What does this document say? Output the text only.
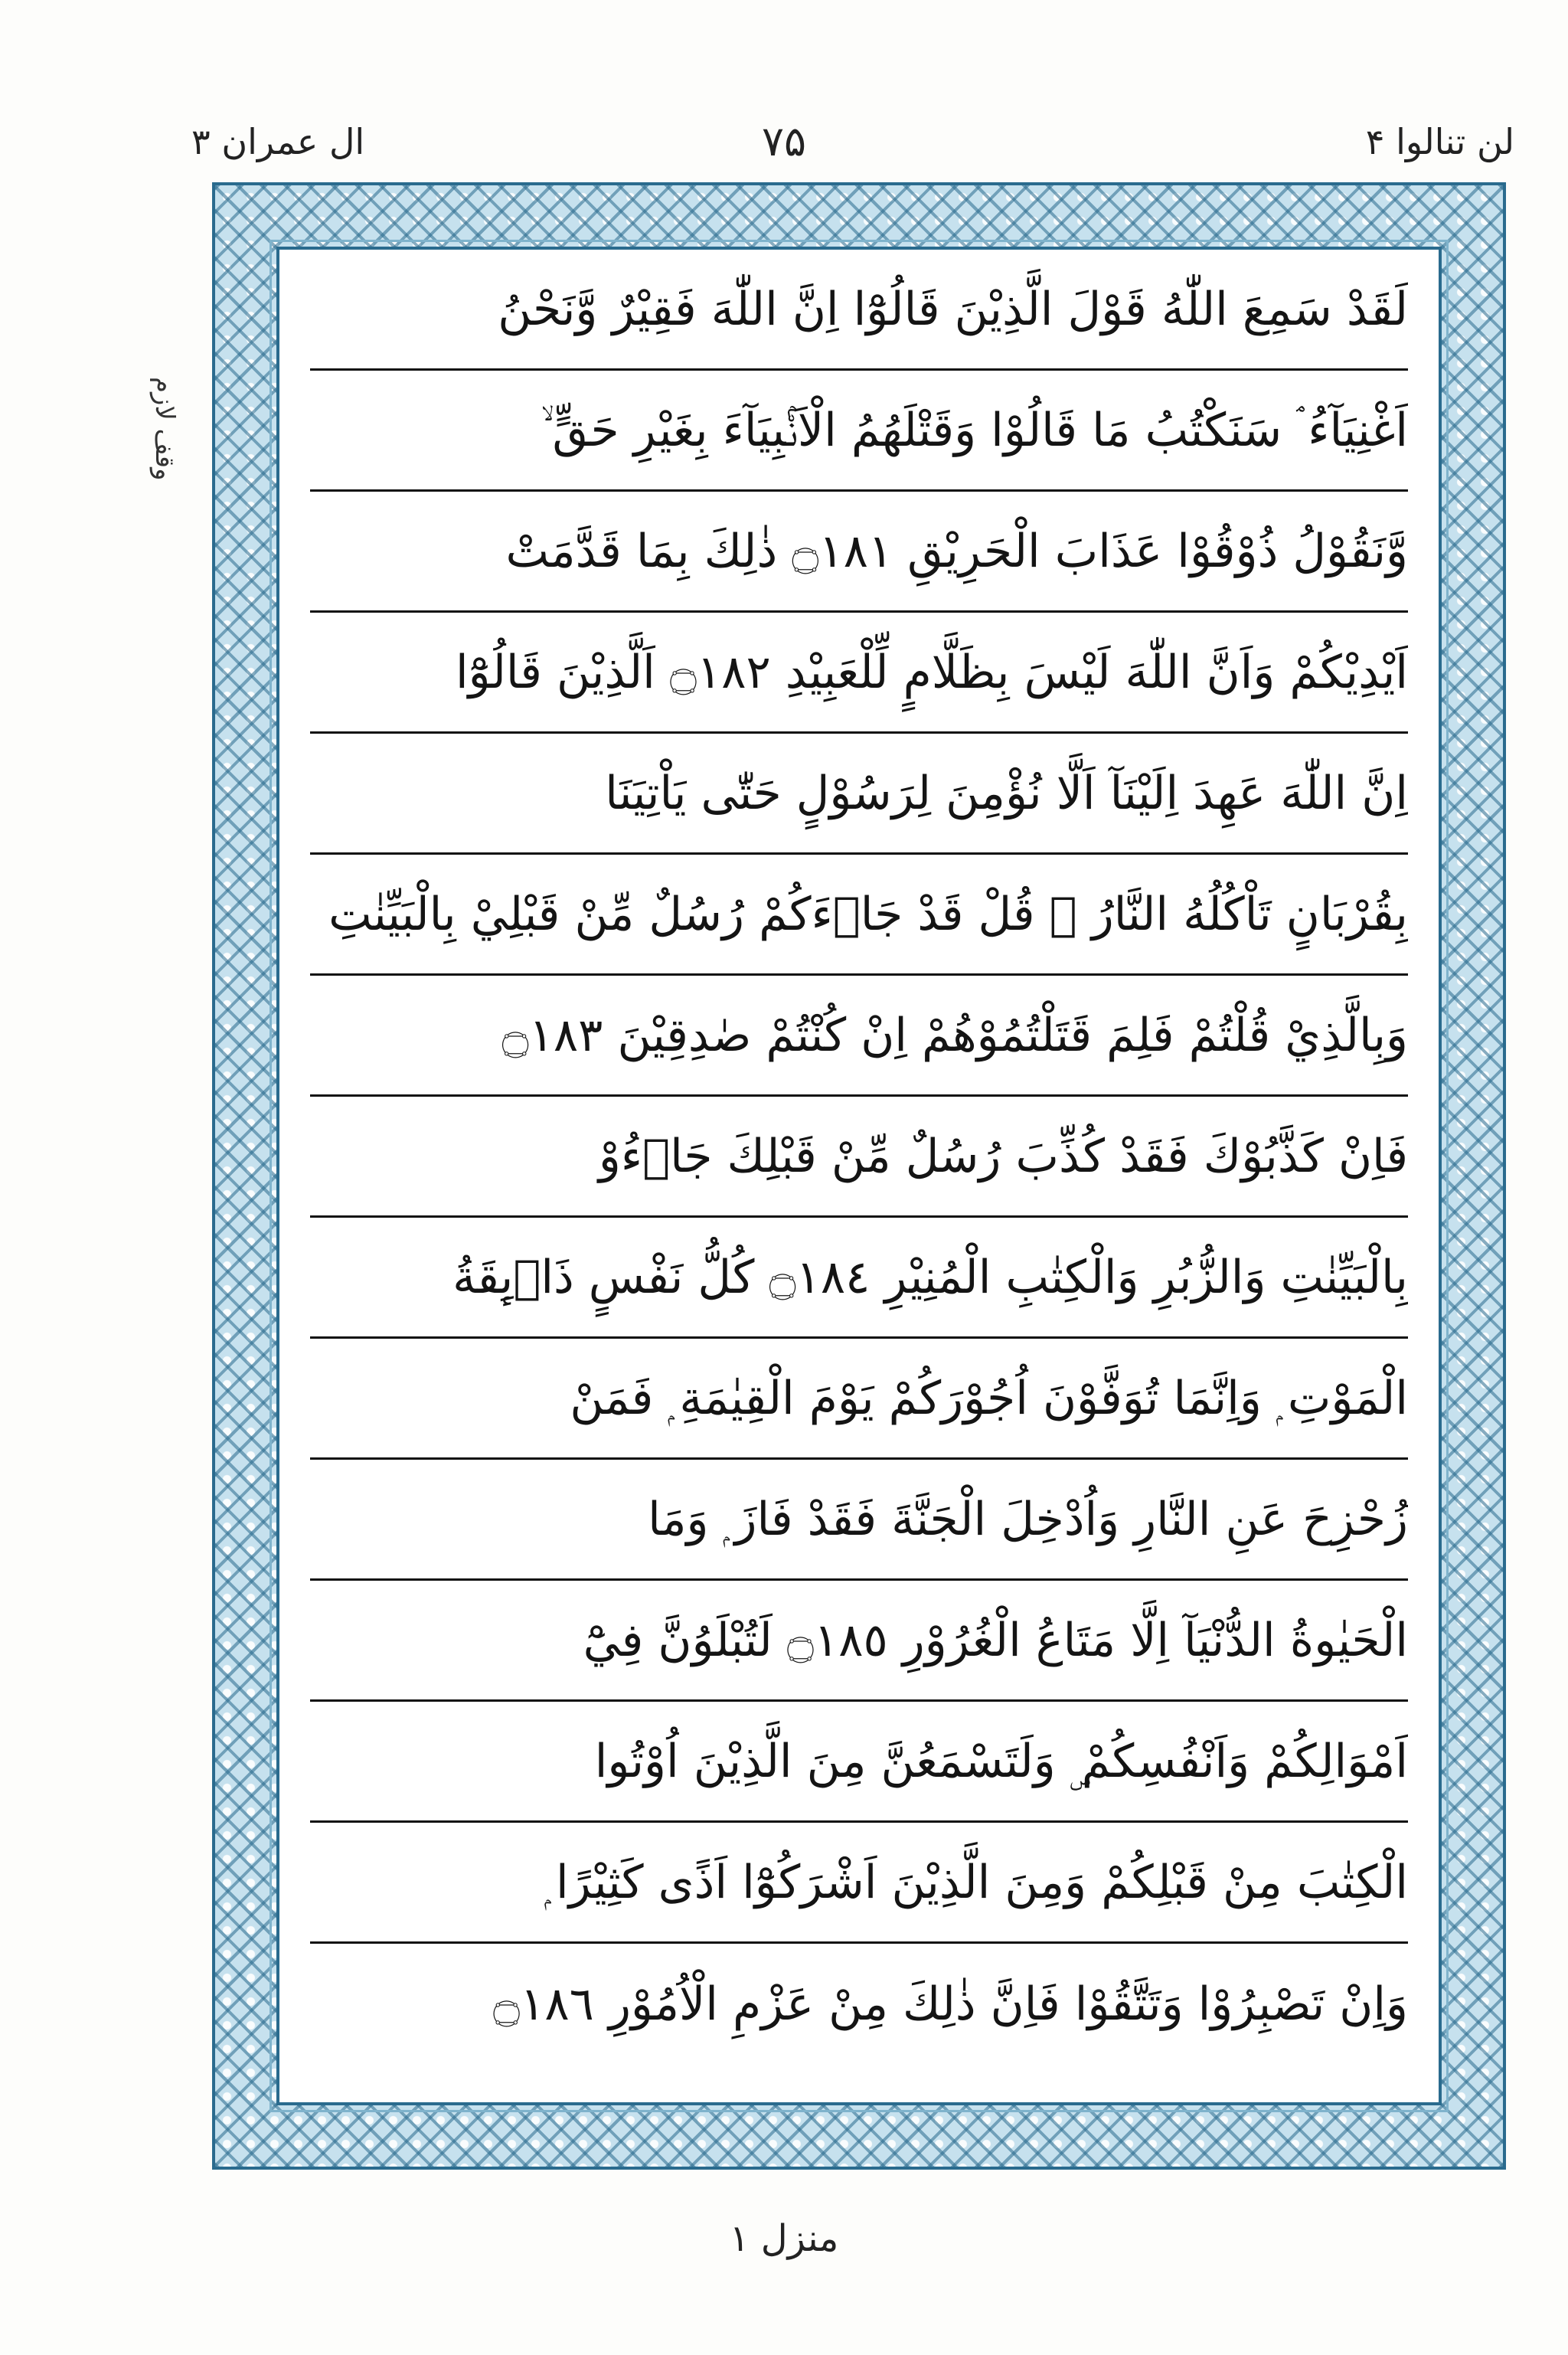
لن تنالوا ۴
۷۵
ال عمران ۳
وقف لازم
لَقَدْ سَمِعَ اللّٰهُ قَوْلَ الَّذِيْنَ قَالُوْٓا اِنَّ اللّٰهَ فَقِيْرٌ وَّنَحْنُ
اَغْنِيَآءُ ۘ سَنَكْتُبُ مَا قَالُوْا وَقَتْلَهُمُ الْاَنْۢبِيَآءَ بِغَيْرِ حَقٍّ ۙ
وَّنَقُوْلُ ذُوْقُوْا عَذَابَ الْحَرِيْقِ ۝١٨١ ذٰلِكَ بِمَا قَدَّمَتْ
اَيْدِيْكُمْ وَاَنَّ اللّٰهَ لَيْسَ بِظَلَّامٍ لِّلْعَبِيْدِ ۝١٨٢ اَلَّذِيْنَ قَالُوْٓا
اِنَّ اللّٰهَ عَهِدَ اِلَيْنَآ اَلَّا نُؤْمِنَ لِرَسُوْلٍ حَتّٰى يَاْتِيَنَا
بِقُرْبَانٍ تَاْكُلُهُ النَّارُ ۭ قُلْ قَدْ جَاۗءَكُمْ رُسُلٌ مِّنْ قَبْلِيْ بِالْبَيِّنٰتِ
وَبِالَّذِيْ قُلْتُمْ فَلِمَ قَتَلْتُمُوْھُمْ اِنْ كُنْتُمْ صٰدِقِيْنَ ۝١٨٣
فَاِنْ كَذَّبُوْكَ فَقَدْ كُذِّبَ رُسُلٌ مِّنْ قَبْلِكَ جَاۗءُوْ
بِالْبَيِّنٰتِ وَالزُّبُرِ وَالْكِتٰبِ الْمُنِيْرِ ۝١٨٤ كُلُّ نَفْسٍ ذَاۗىِٕقَةُ
الْمَوْتِ ۭ وَاِنَّمَا تُوَفَّوْنَ اُجُوْرَكُمْ يَوْمَ الْقِيٰمَةِ ۭ فَمَنْ
زُحْزِحَ عَنِ النَّارِ وَاُدْخِلَ الْجَنَّةَ فَقَدْ فَازَ ۭ وَمَا
الْحَيٰوةُ الدُّنْيَآ اِلَّا مَتَاعُ الْغُرُوْرِ ۝١٨٥ لَتُبْلَوُنَّ فِيْٓ
اَمْوَالِكُمْ وَاَنْفُسِكُمْ ۣ وَلَتَسْمَعُنَّ مِنَ الَّذِيْنَ اُوْتُوا
الْكِتٰبَ مِنْ قَبْلِكُمْ وَمِنَ الَّذِيْنَ اَشْرَكُوْٓا اَذًى كَثِيْرًا ۭ
وَاِنْ تَصْبِرُوْا وَتَتَّقُوْا فَاِنَّ ذٰلِكَ مِنْ عَزْمِ الْاُمُوْرِ ۝١٨٦
منزل ۱
